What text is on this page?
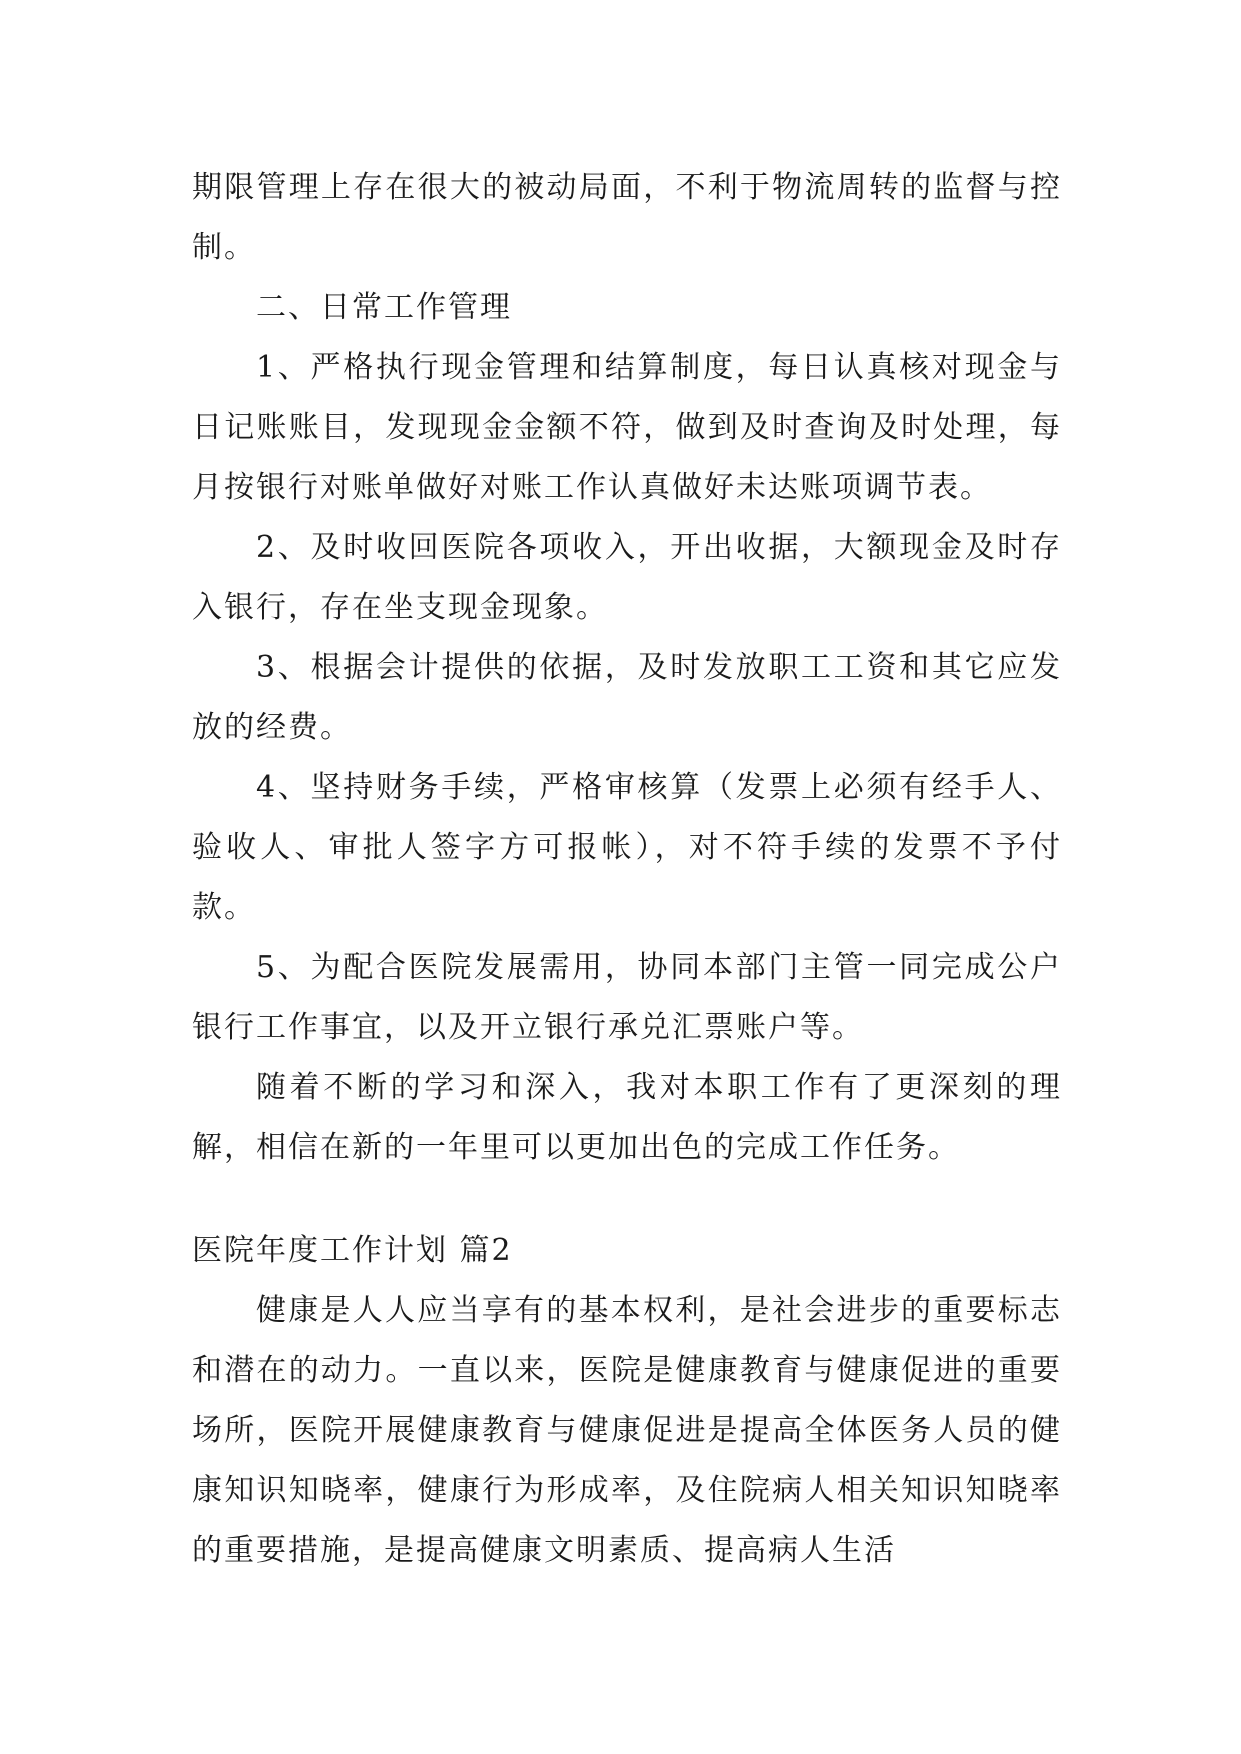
期限管理上存在很大的被动局面，不利于物流周转的监督与控制。

二、日常工作管理

1、严格执行现金管理和结算制度，每日认真核对现金与日记账账目，发现现金金额不符，做到及时查询及时处理，每月按银行对账单做好对账工作认真做好未达账项调节表。

2、及时收回医院各项收入，开出收据，大额现金及时存入银行，存在坐支现金现象。

3、根据会计提供的依据，及时发放职工工资和其它应发放的经费。

4、坚持财务手续，严格审核算（发票上必须有经手人、验收人、审批人签字方可报帐），对不符手续的发票不予付款。

5、为配合医院发展需用，协同本部门主管一同完成公户银行工作事宜，以及开立银行承兑汇票账户等。

随着不断的学习和深入，我对本职工作有了更深刻的理解，相信在新的一年里可以更加出色的完成工作任务。

医院年度工作计划 篇2

健康是人人应当享有的基本权利，是社会进步的重要标志和潜在的动力。一直以来，医院是健康教育与健康促进的重要场所，医院开展健康教育与健康促进是提高全体医务人员的健康知识知晓率，健康行为形成率，及住院病人相关知识知晓率的重要措施，是提高健康文明素质、提高病人生活
